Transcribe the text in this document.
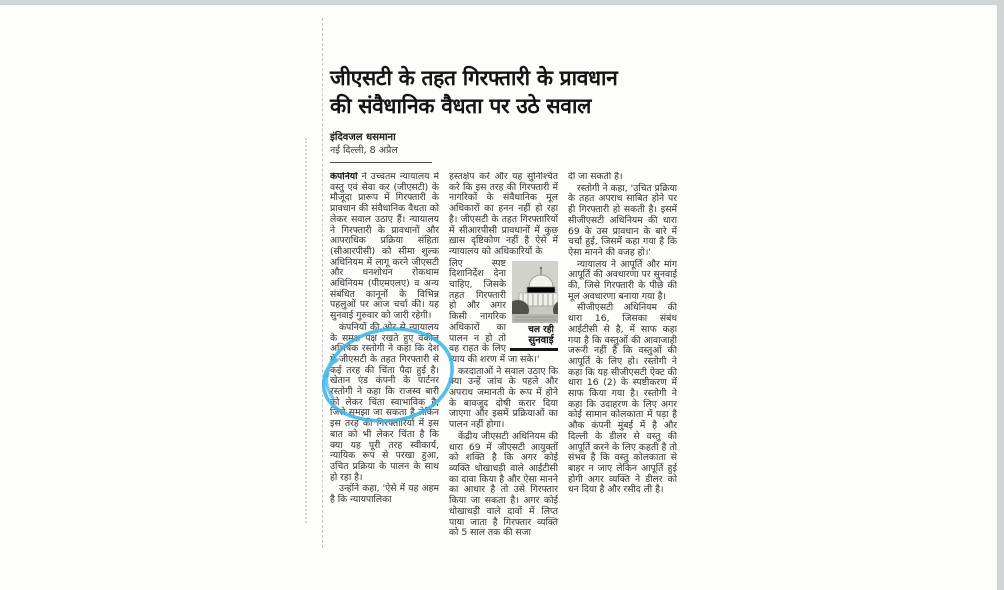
जीएसटी के तहत गिरफ्तारी के प्रावधान
की संवैधानिक वैधता पर उठे सवाल
इंदिवजल धसमाना
नई दिल्ली, 8 अप्रैल

कंपनियों ने उच्चतम न्यायालय में वस्तु एवं सेवा कर (जीएसटी) के मौजूदा प्रारूप में गिरफ्तारी के प्रावधान की संवैधानिक वैधता को लेकर सवाल उठाए हैं। न्यायालय ने गिरफ्तारी के प्रावधानों और आपराधिक प्रक्रिया संहिता (सीआरपीसी) को सीमा शुल्क अधिनियम में लागू करने जीएसटी और धनशोधन रोकथाम अधिनियम (पीएमएलए) व अन्य संबंधित कानूनों के विभिन्न पहलुओं पर आज चर्चा की। यह सुनवाई गुरुवार को जारी रहेगी।

कंपनियों की ओर से न्यायालय के समक्ष पक्ष रखते हुए वकील अभिषेक रस्तोगी ने कहा कि देश में जीएसटी के तहत गिरफ्तारी से कई तरह की चिंता पैदा हुई है। खेतान एंड कंपनी के पार्टनर रस्तोगी ने कहा कि राजस्व बारी को लेकर चिंता स्वाभाविक है, जिसे समझा जा सकता है लेकिन इस तरह की गिरफ्तारियों में इस बात को भी लेकर चिंता है कि क्या यह पूरी तरह स्वीकार्य, न्यायिक रूप से परखा हुआ, उचित प्रक्रिया के पालन के साथ हो रहा है।

उन्होंने कहा, 'ऐसे में यह अहम है कि न्यायपालिका

हस्तक्षेप करे और यह सुनिश्चित करे कि इस तरह की गिरफ्तारी में नागरिकों के संवैधानिक मूल अधिकारों का हनन नहीं हो रहा है। जीएसटी के तहत गिरफ्तारियों में सीआरपीसी प्रावधानों में कुछ ख़ास दृष्टिकोण नहीं है ऐसे में न्यायालय को अधिकारियों के

चल रही
सुनवाई

लिए स्पष्ट दिशानिर्देश देना चाहिए, जिसके तहत गिरफ्तारी हो और अगर किसी नागरिक अधिकारों का पालन न हो तो वह राहत के लिए न्याय की शरण में जा सके।'

करदाताओं ने सवाल उठाए कि क्या उन्हें जांच के पहले और अपराध जमानती के रूप में होने के बावजूद दोषी करार दिया जाएगा और इसमें प्रक्रियाओं का पालन नहीं होगा।

केंद्रीय जीएसटी अधिनियम की धारा 69 में जीएसटी आयुक्तों को शक्ति है कि अगर कोई व्यक्ति धोखाधड़ी वाले आईटीसी का दावा किया है और ऐसा मानने का आधार है तो उसे गिरफ्तार किया जा सकता है। अगर कोई धोखाधड़ी वाले दावों में लिप्त पाया जाता है गिरफ्तार व्यक्ति को 5 साल तक की सजा

दी जा सकती है।

रस्तोगी ने कहा, 'उचित प्रक्रिया के तहत अपराध साबित होने पर ही गिरफ्तारी हो सकती है। इसमें सीजीएसटी अधिनियम की धारा 69 के उस प्रावधान के बारे में चर्चा हुई, जिसमें कहा गया है कि ऐसा मानने की वजह हो।'

न्यायालय ने आपूर्ति और मांग आपूर्ति की अवधारणा पर सुनवाई की, जिसे गिरफ्तारी के पीछे की मूल अवधारणा बनाया गया है।

सीजीएसटी अधिनियम की धारा 16, जिसका संबंध आईटीसी से है, में साफ कहा गया है कि वस्तुओं की आवाजाही जरूरी नहीं है कि वस्तुओं की आपूर्ति के लिए हो। रस्तोगी ने कहा कि यह सीजीएसटी ऐक्ट की धारा 16 (2) के स्पष्टीकरण में साफ किया गया है। रस्तोगी ने कहा कि उदाहरण के लिए अगर कोई सामान कोलकाता में पड़ा है औक कंपनी मुंबई में है और दिल्ली के डीलर से वस्तु की आपूर्ति करने के लिए कहती है तो संभव है कि वस्तु कोलकाता से बाहर न जाए लेकिन आपूर्ति हुई होगी अगर व्यक्ति ने डीलर को धन दिया है और रसीद ली है।
